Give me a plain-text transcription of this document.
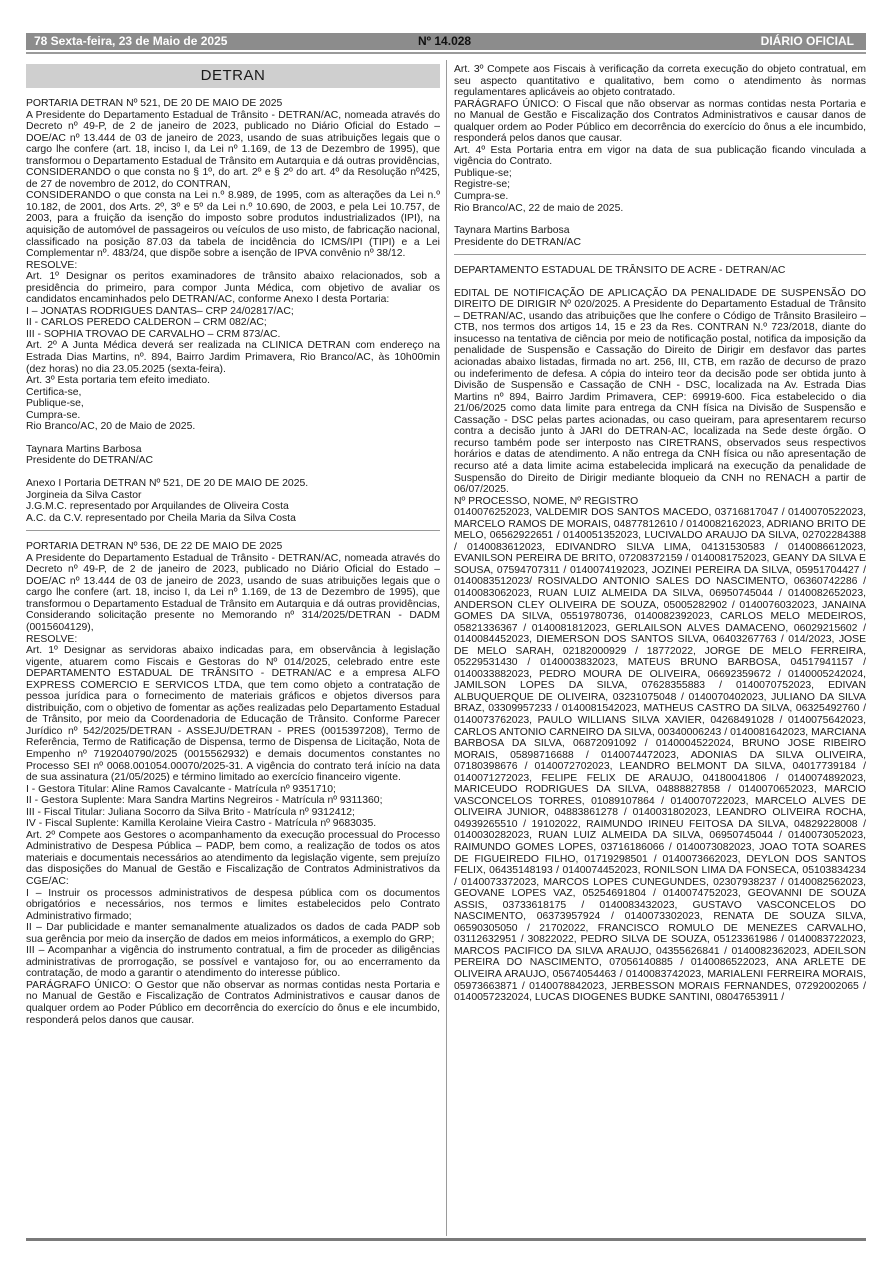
78 Sexta-feira, 23 de Maio de 2025	Nº 14.028	DIÁRIO OFICIAL
DETRAN

PORTARIA DETRAN Nº 521, DE 20 DE MAIO DE 2025

A Presidente do Departamento Estadual de Trânsito - DETRAN/AC, nomeada através do Decreto nº 49-P, de 2 de janeiro de 2023, publicado no Diário Oficial do Estado – DOE/AC nº 13.444 de 03 de janeiro de 2023, usando de suas atribuições legais que o cargo lhe confere (art. 18, inciso I, da Lei nº 1.169, de 13 de Dezembro de 1995), que transformou o Departamento Estadual de Trânsito em Autarquia e dá outras providências,

CONSIDERANDO o que consta no § 1º, do art. 2º e § 2º do art. 4º da Resolução nº425, de 27 de novembro de 2012, do CONTRAN,

CONSIDERANDO o que consta na Lei n.º 8.989, de 1995, com as alterações da Lei n.º 10.182, de 2001, dos Arts. 2º, 3º e 5º da Lei n.º 10.690, de 2003, e pela Lei 10.757, de 2003, para a fruição da isenção do imposto sobre produtos industrializados (IPI), na aquisição de automóvel de passageiros ou veículos de uso misto, de fabricação nacional, classificado na posição 87.03 da tabela de incidência do ICMS/IPI (TIPI) e a Lei Complementar nº. 483/24, que dispõe sobre a isenção de IPVA convênio nº 38/12.

RESOLVE:

Art. 1º Designar os peritos examinadores de trânsito abaixo relacionados, sob a presidência do primeiro, para compor Junta Médica, com objetivo de avaliar os candidatos encaminhados pelo DETRAN/AC, conforme Anexo I desta Portaria:

I – JONATAS RODRIGUES DANTAS– CRP 24/02817/AC;

II - CARLOS PEREDO CALDERON – CRM 082/AC;

III - SOPHIA TROVAO DE CARVALHO – CRM 873/AC.

Art. 2º A Junta Médica deverá ser realizada na CLINICA DETRAN com endereço na Estrada Dias Martins, nº. 894, Bairro Jardim Primavera, Rio Branco/AC, às 10h00min (dez horas) no dia 23.05.2025 (sexta-feira).

Art. 3º Esta portaria tem efeito imediato.

Certifica-se,

Publique-se,

Cumpra-se.

Rio Branco/AC, 20 de Maio de 2025.

Taynara Martins Barbosa

Presidente do DETRAN/AC

Anexo I Portaria DETRAN Nº 521, DE 20 DE MAIO DE 2025.

Jorgineia da Silva Castor

J.G.M.C. representado por Arquilandes de Oliveira Costa

A.C. da C.V. representado por Cheila Maria da Silva Costa

PORTARIA DETRAN Nº 536, DE 22 DE MAIO DE 2025

A Presidente do Departamento Estadual de Trânsito - DETRAN/AC, nomeada através do Decreto nº 49-P, de 2 de janeiro de 2023, publicado no Diário Oficial do Estado – DOE/AC nº 13.444 de 03 de janeiro de 2023, usando de suas atribuições legais que o cargo lhe confere (art. 18, inciso I, da Lei nº 1.169, de 13 de Dezembro de 1995), que transformou o Departamento Estadual de Trânsito em Autarquia e dá outras providências, Considerando solicitação presente no Memorando nº 314/2025/DETRAN - DADM (0015604129),

RESOLVE:

Art. 1º Designar as servidoras abaixo indicadas para, em observância à legislação vigente, atuarem como Fiscais e Gestoras do Nº 014/2025, celebrado entre este DEPARTAMENTO ESTADUAL DE TRÂNSITO - DETRAN/AC e a empresa ALFO EXPRESS COMERCIO E SERVICOS LTDA, que tem como objeto a contratação de pessoa jurídica para o fornecimento de materiais gráficos e objetos diversos para distribuição, com o objetivo de fomentar as ações realizadas pelo Departamento Estadual de Trânsito, por meio da Coordenadoria de Educação de Trânsito. Conforme Parecer Jurídico nº 542/2025/DETRAN - ASSEJU/DETRAN - PRES (0015397208), Termo de Referência, Termo de Ratificação de Dispensa, termo de Dispensa de Licitação, Nota de Empenho nº 7192040790/2025 (0015562932) e demais documentos constantes no Processo SEI nº 0068.001054.00070/2025-31. A vigência do contrato terá início na data de sua assinatura (21/05/2025) e término limitado ao exercício financeiro vigente.

I - Gestora Titular: Aline Ramos Cavalcante - Matrícula nº 9351710;

II - Gestora Suplente: Mara Sandra Martins Negreiros - Matrícula nº 9311360;

III - Fiscal Titular: Juliana Socorro da Silva Brito - Matrícula nº 9312412;

IV - Fiscal Suplente: Kamilla Kerolaine Vieira Castro - Matrícula nº 9683035.

Art. 2º Compete aos Gestores o acompanhamento da execução processual do Processo Administrativo de Despesa Pública – PADP, bem como, a realização de todos os atos materiais e documentais necessários ao atendimento da legislação vigente, sem prejuízo das disposições do Manual de Gestão e Fiscalização de Contratos Administrativos da CGE/AC:

I – Instruir os processos administrativos de despesa pública com os documentos obrigatórios e necessários, nos termos e limites estabelecidos pelo Contrato Administrativo firmado;

II – Dar publicidade e manter semanalmente atualizados os dados de cada PADP sob sua gerência por meio da inserção de dados em meios informáticos, a exemplo do GRP;

III – Acompanhar a vigência do instrumento contratual, a fim de proceder as diligências administrativas de prorrogação, se possível e vantajoso for, ou ao encerramento da contratação, de modo a garantir o atendimento do interesse público.

PARÁGRAFO ÚNICO: O Gestor que não observar as normas contidas nesta Portaria e no Manual de Gestão e Fiscalização de Contratos Administrativos e causar danos de qualquer ordem ao Poder Público em decorrência do exercício do ônus e ele incumbido, responderá pelos danos que causar.

Art. 3º Compete aos Fiscais à verificação da correta execução do objeto contratual, em seu aspecto quantitativo e qualitativo, bem como o atendimento às normas regulamentares aplicáveis ao objeto contratado.

PARÁGRAFO ÚNICO: O Fiscal que não observar as normas contidas nesta Portaria e no Manual de Gestão e Fiscalização dos Contratos Administrativos e causar danos de qualquer ordem ao Poder Público em decorrência do exercício do ônus a ele incumbido, responderá pelos danos que causar.

Art. 4º Esta Portaria entra em vigor na data de sua publicação ficando vinculada a vigência do Contrato.

Publique-se;

Registre-se;

Cumpra-se.

Rio Branco/AC, 22 de maio de 2025.

Taynara Martins Barbosa

Presidente do DETRAN/AC

DEPARTAMENTO ESTADUAL DE TRÂNSITO DE ACRE - DETRAN/AC

EDITAL DE NOTIFICAÇÃO DE APLICAÇÃO DA PENALIDADE DE SUSPENSÃO DO DIREITO DE DIRIGIR Nº 020/2025. A Presidente do Departamento Estadual de Trânsito – DETRAN/AC, usando das atribuições que lhe confere o Código de Trânsito Brasileiro – CTB, nos termos dos artigos 14, 15 e 23 da Res. CONTRAN N.º 723/2018, diante do insucesso na tentativa de ciência por meio de notificação postal, notifica da imposição da penalidade de Suspensão e Cassação do Direito de Dirigir em desfavor das partes acionadas abaixo listadas, firmada no art. 256, III, CTB, em razão de decurso de prazo ou indeferimento de defesa. A cópia do inteiro teor da decisão pode ser obtida junto à Divisão de Suspensão e Cassação de CNH - DSC, localizada na Av. Estrada Dias Martins nº 894, Bairro Jardim Primavera, CEP: 69919-600. Fica estabelecido o dia 21/06/2025 como data limite para entrega da CNH física na Divisão de Suspensão e Cassação - DSC pelas partes acionadas, ou caso queiram, para apresentarem recurso contra a decisão junto à JARI do DETRAN-AC, localizada na Sede deste órgão. O recurso também pode ser interposto nas CIRETRANS, observados seus respectivos horários e datas de atendimento. A não entrega da CNH física ou não apresentação de recurso até a data limite acima estabelecida implicará na execução da penalidade de Suspensão do Direito de Dirigir mediante bloqueio da CNH no RENACH a partir de 06/07/2025.

Nº PROCESSO, NOME, Nº REGISTRO

0140076252023, VALDEMIR DOS SANTOS MACEDO, 03716817047 / 0140070522023, MARCELO RAMOS DE MORAIS, 04877812610 / 0140082162023, ADRIANO BRITO DE MELO, 06562922651 / 0140051352023, LUCIVALDO ARAUJO DA SILVA, 02702284388 / 0140083612023, EDIVANDRO SILVA LIMA, 04131530583 / 0140086612023, EVANILSON PEREIRA DE BRITO, 07208372159 / 0140081752023, GEANY DA SILVA E SOUSA, 07594707311 / 0140074192023, JOZINEI PEREIRA DA SILVA, 05951704427 / 0140083512023/ ROSIVALDO ANTONIO SALES DO NASCIMENTO, 06360742286 / 0140083062023, RUAN LUIZ ALMEIDA DA SILVA, 06950745044 / 0140082652023, ANDERSON CLEY OLIVEIRA DE SOUZA, 05005282902 / 0140076032023, JANAINA GOMES DA SILVA, 05519780736, 0140082392023, CARLOS MELO MEDEIROS, 05821336367 / 0140081812023, GERLAILSON ALVES DAMACENO, 06029215602 / 0140084452023, DIEMERSON DOS SANTOS SILVA, 06403267763 / 014/2023, JOSE DE MELO SARAH, 02182000929 / 18772022, JORGE DE MELO FERREIRA, 05229531430 / 0140003832023, MATEUS BRUNO BARBOSA, 04517941157 / 0140033882023, PEDRO MOURA DE OLIVEIRA, 06692359672 / 0140005242024, JAMILSON LOPES DA SILVA, 07628355883 / 0140070752023, EDIVAN ALBUQUERQUE DE OLIVEIRA, 03231075048 / 0140070402023, JULIANO DA SILVA BRAZ, 03309957233 / 0140081542023, MATHEUS CASTRO DA SILVA, 06325492760 / 0140073762023, PAULO WILLIANS SILVA XAVIER, 04268491028 / 0140075642023, CARLOS ANTONIO CARNEIRO DA SILVA, 00340006243 / 0140081642023, MARCIANA BARBOSA DA SILVA, 06872091092 / 0140004522024, BRUNO JOSE RIBEIRO MORAIS, 05898716688 / 0140074472023, ADONIAS DA SILVA OLIVEIRA, 07180398676 / 0140072702023, LEANDRO BELMONT DA SILVA, 04017739184 / 0140071272023, FELIPE FELIX DE ARAUJO, 04180041806 / 0140074892023, MARICEUDO RODRIGUES DA SILVA, 04888827858 / 0140070652023, MARCIO VASCONCELOS TORRES, 01089107864 / 0140070722023, MARCELO ALVES DE OLIVEIRA JUNIOR, 04883861278 / 0140031802023, LEANDRO OLIVEIRA ROCHA, 04939265510 / 19102022, RAIMUNDO IRINEU FEITOSA DA SILVA, 04829228008 / 0140030282023, RUAN LUIZ ALMEIDA DA SILVA, 06950745044 / 0140073052023, RAIMUNDO GOMES LOPES, 03716186066 / 0140073082023, JOAO TOTA SOARES DE FIGUEIREDO FILHO, 01719298501 / 0140073662023, DEYLON DOS SANTOS FELIX, 06435148193 / 0140074452023, RONILSON LIMA DA FONSECA, 05103834234 / 0140073372023, MARCOS LOPES CUNEGUNDES, 02307938237 / 0140082562023, GEOVANE LOPES VAZ, 05254691804 / 0140074752023, GEOVANNI DE SOUZA ASSIS, 03733618175 / 0140083432023, GUSTAVO VASCONCELOS DO NASCIMENTO, 06373957924 / 0140073302023, RENATA DE SOUZA SILVA, 06590305050 / 21702022, FRANCISCO ROMULO DE MENEZES CARVALHO, 03112632951 / 30822022, PEDRO SILVA DE SOUZA, 05123361986 / 0140083722023, MARCOS PACIFICO DA SILVA ARAUJO, 04355626841 / 0140082362023, ADEILSON PEREIRA DO NASCIMENTO, 07056140885 / 0140086522023, ANA ARLETE DE OLIVEIRA ARAUJO, 05674054463 / 0140083742023, MARIALENI FERREIRA MORAIS, 05973663871 / 0140078842023, JERBESSON MORAIS FERNANDES, 07292002065 / 0140057232024, LUCAS DIOGENES BUDKE SANTINI, 08047653911 /
